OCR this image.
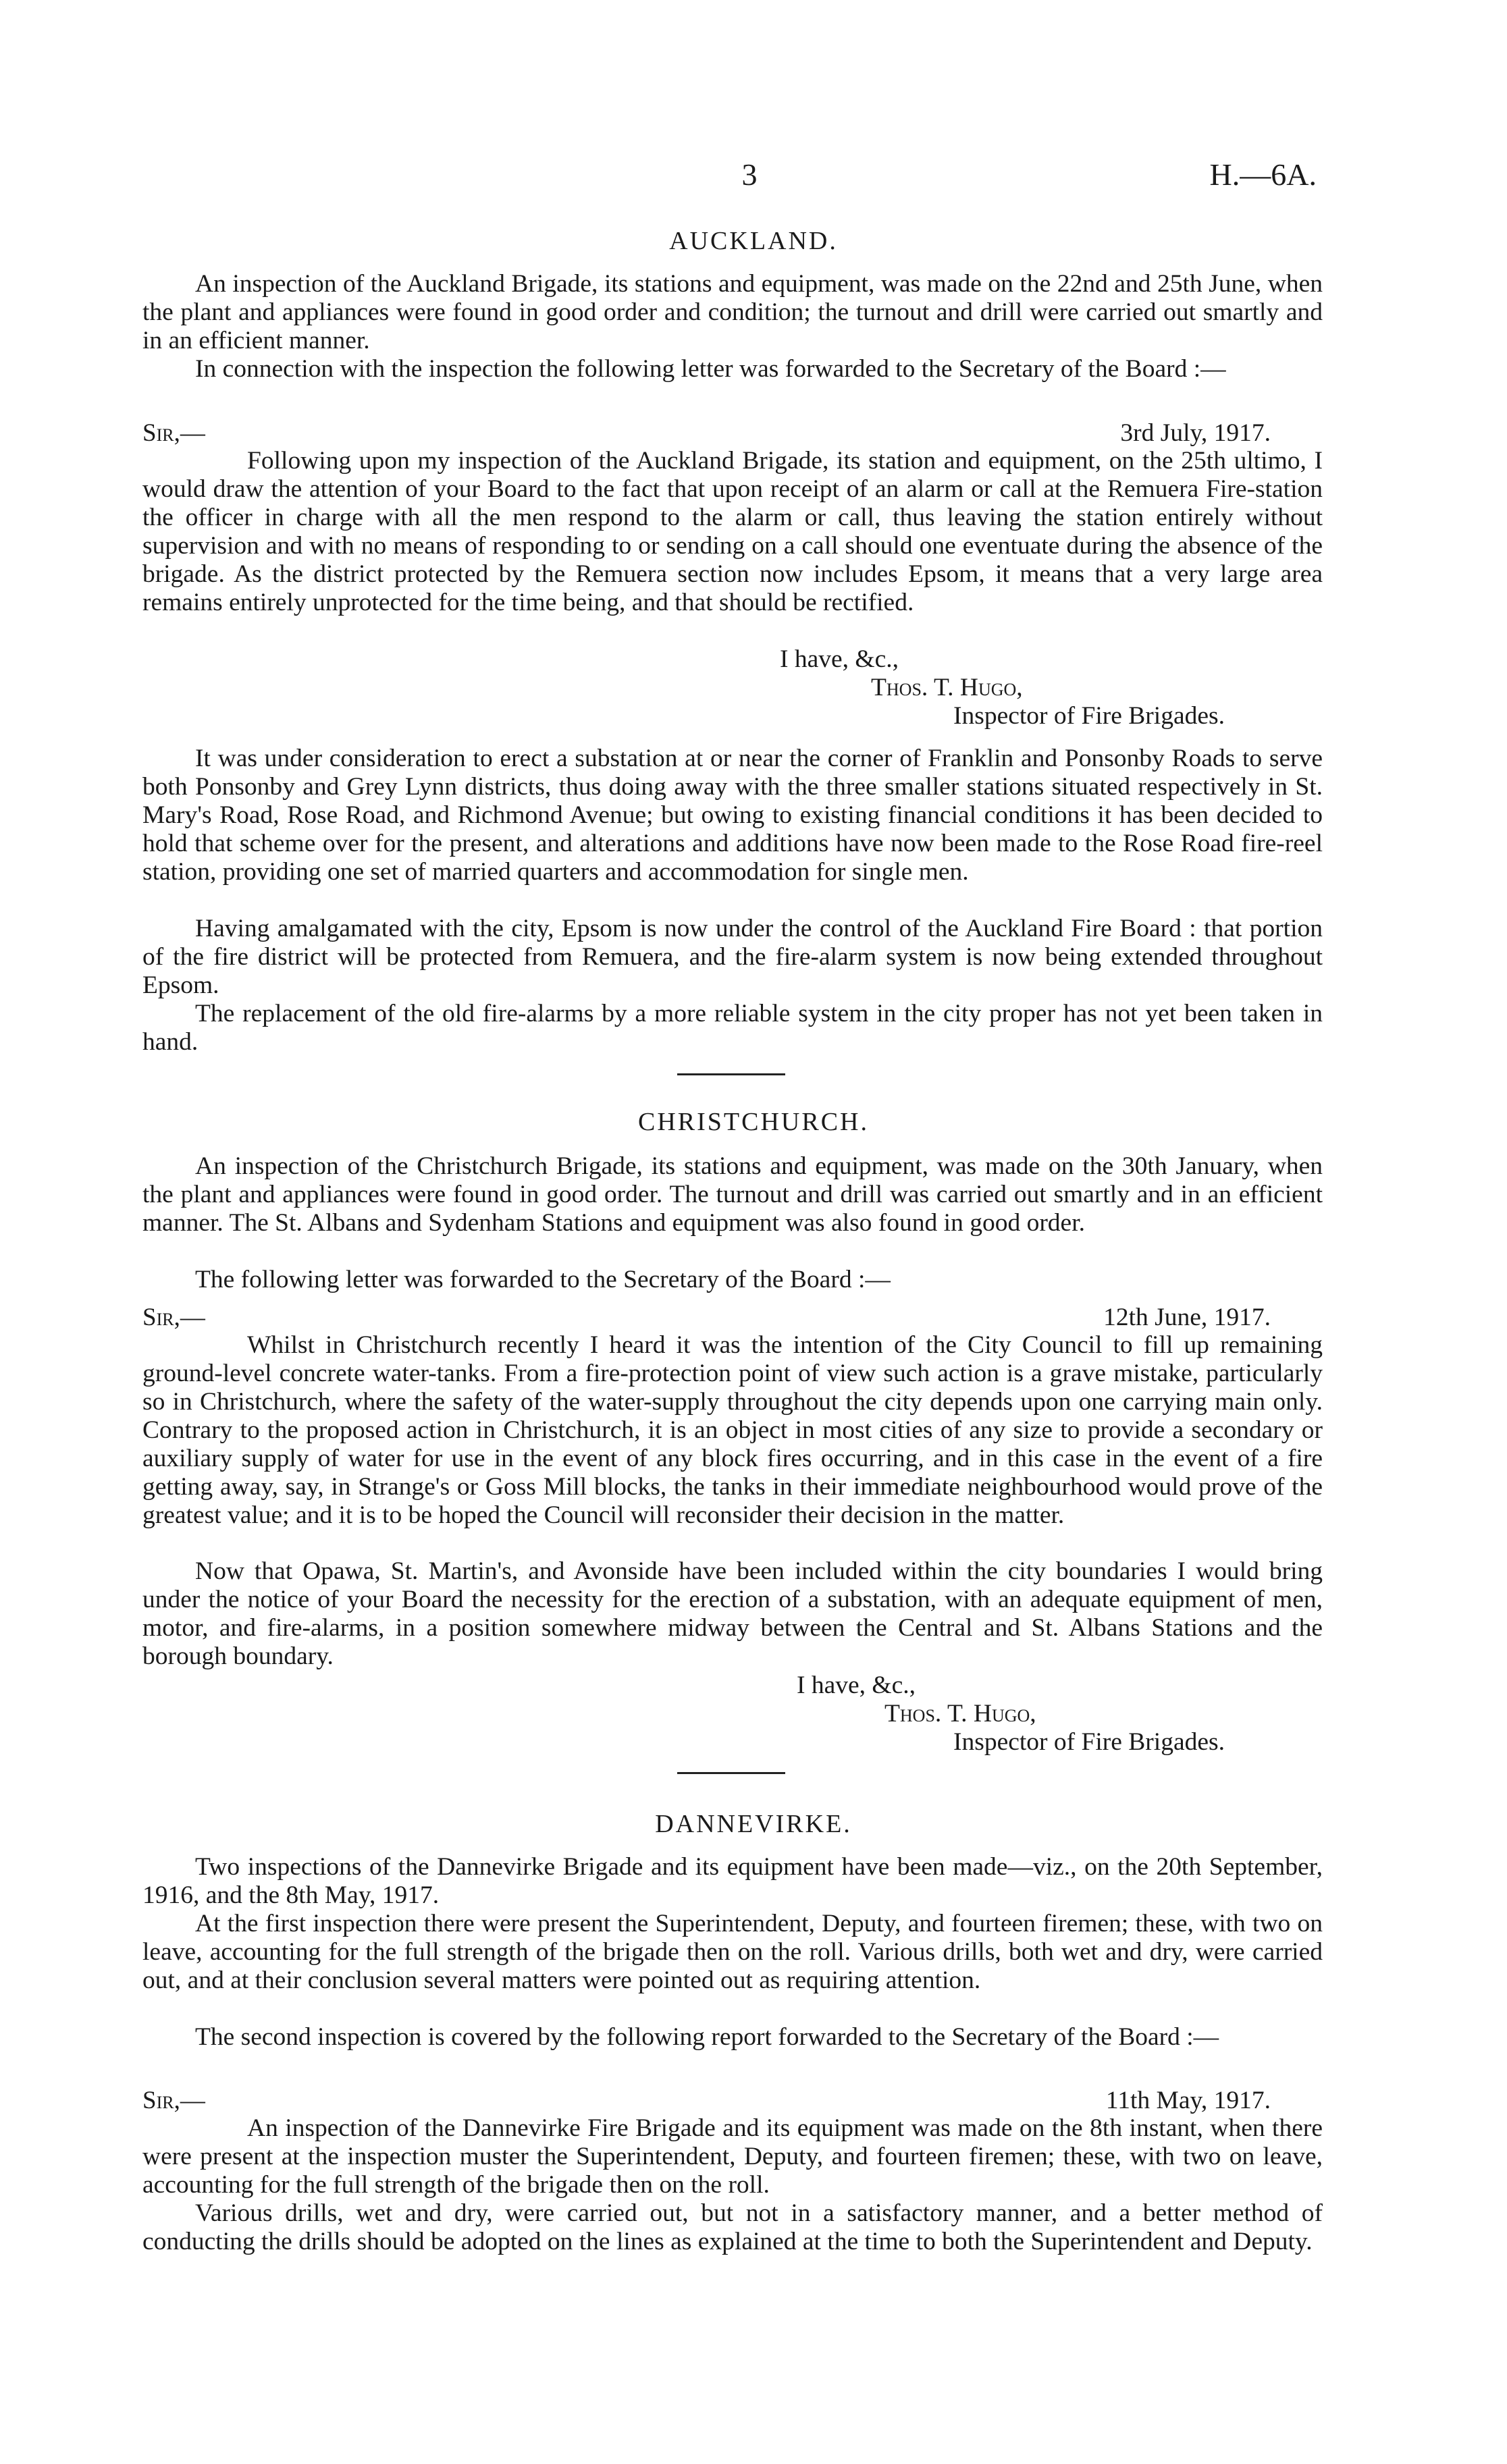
3	H.—6A.
AUCKLAND.

An inspection of the Auckland Brigade, its stations and equipment, was made on the 22nd and 25th June, when the plant and appliances were found in good order and condition; the turnout and drill were carried out smartly and in an efficient manner.

In connection with the inspection the following letter was forwarded to the Secretary of the Board :—

Sir,—	3rd July, 1917.

Following upon my inspection of the Auckland Brigade, its station and equipment, on the 25th ultimo, I would draw the attention of your Board to the fact that upon receipt of an alarm or call at the Remuera Fire-station the officer in charge with all the men respond to the alarm or call, thus leaving the station entirely without supervision and with no means of responding to or sending on a call should one eventuate during the absence of the brigade. As the district protected by the Remuera section now includes Epsom, it means that a very large area remains entirely unprotected for the time being, and that should be rectified.

I have, &c.,
Thos. T. Hugo,
Inspector of Fire Brigades.

It was under consideration to erect a substation at or near the corner of Franklin and Ponsonby Roads to serve both Ponsonby and Grey Lynn districts, thus doing away with the three smaller stations situated respectively in St. Mary's Road, Rose Road, and Richmond Avenue; but owing to existing financial conditions it has been decided to hold that scheme over for the present, and alterations and additions have now been made to the Rose Road fire-reel station, providing one set of married quarters and accommodation for single men.

Having amalgamated with the city, Epsom is now under the control of the Auckland Fire Board : that portion of the fire district will be protected from Remuera, and the fire-alarm system is now being extended throughout Epsom.

The replacement of the old fire-alarms by a more reliable system in the city proper has not yet been taken in hand.

CHRISTCHURCH.

An inspection of the Christchurch Brigade, its stations and equipment, was made on the 30th January, when the plant and appliances were found in good order. The turnout and drill was carried out smartly and in an efficient manner. The St. Albans and Sydenham Stations and equipment was also found in good order.

The following letter was forwarded to the Secretary of the Board :—

Sir,—	12th June, 1917.

Whilst in Christchurch recently I heard it was the intention of the City Council to fill up remaining ground-level concrete water-tanks. From a fire-protection point of view such action is a grave mistake, particularly so in Christchurch, where the safety of the water-supply throughout the city depends upon one carrying main only. Contrary to the proposed action in Christchurch, it is an object in most cities of any size to provide a secondary or auxiliary supply of water for use in the event of any block fires occurring, and in this case in the event of a fire getting away, say, in Strange's or Goss Mill blocks, the tanks in their immediate neighbourhood would prove of the greatest value; and it is to be hoped the Council will reconsider their decision in the matter.

Now that Opawa, St. Martin's, and Avonside have been included within the city boundaries I would bring under the notice of your Board the necessity for the erection of a substation, with an adequate equipment of men, motor, and fire-alarms, in a position somewhere midway between the Central and St. Albans Stations and the borough boundary.

I have, &c.,
Thos. T. Hugo,
Inspector of Fire Brigades.
DANNEVIRKE.

Two inspections of the Dannevirke Brigade and its equipment have been made—viz., on the 20th September, 1916, and the 8th May, 1917.

At the first inspection there were present the Superintendent, Deputy, and fourteen firemen; these, with two on leave, accounting for the full strength of the brigade then on the roll. Various drills, both wet and dry, were carried out, and at their conclusion several matters were pointed out as requiring attention.

The second inspection is covered by the following report forwarded to the Secretary of the Board :—

Sir,—	11th May, 1917.

An inspection of the Dannevirke Fire Brigade and its equipment was made on the 8th instant, when there were present at the inspection muster the Superintendent, Deputy, and fourteen firemen; these, with two on leave, accounting for the full strength of the brigade then on the roll.

Various drills, wet and dry, were carried out, but not in a satisfactory manner, and a better method of conducting the drills should be adopted on the lines as explained at the time to both the Superintendent and Deputy.
